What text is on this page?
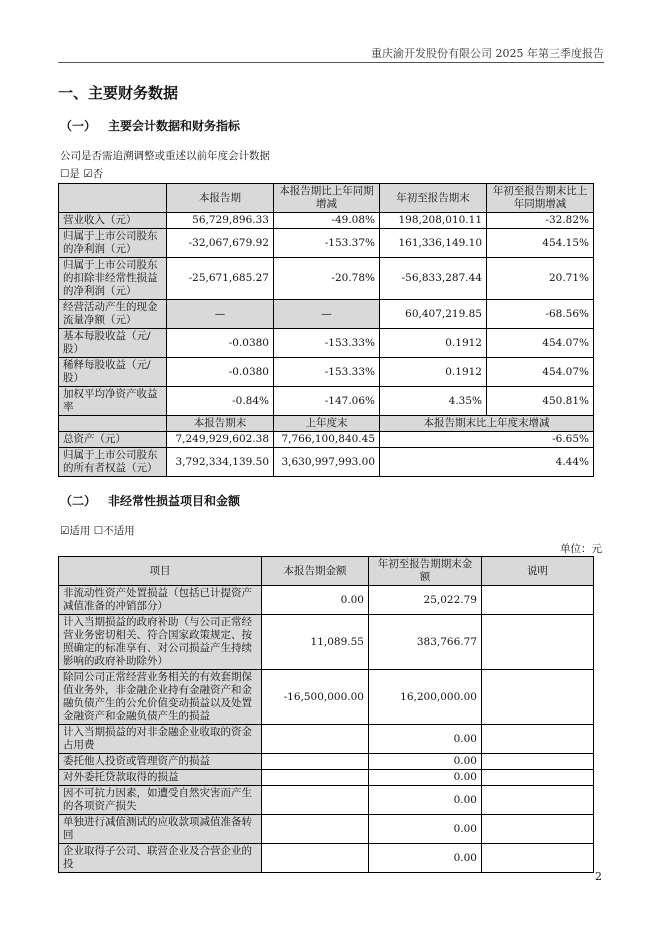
重庆渝开发股份有限公司 2025 年第三季度报告
一、主要财务数据
（一） 主要会计数据和财务指标
公司是否需追溯调整或重述以前年度会计数据
☐是 ☑否
	本报告期	本报告期比上年同期增减	年初至报告期末	年初至报告期末比上年同期增减
营业收入（元）	56,729,896.33	-49.08%	198,208,010.11	-32.82%
归属于上市公司股东的净利润（元）	-32,067,679.92	-153.37%	161,336,149.10	454.15%
归属于上市公司股东的扣除非经常性损益的净利润（元）	-25,671,685.27	-20.78%	-56,833,287.44	20.71%
经营活动产生的现金流量净额（元）	—	—	60,407,219.85	-68.56%
基本每股收益（元/股）	-0.0380	-153.33%	0.1912	454.07%
稀释每股收益（元/股）	-0.0380	-153.33%	0.1912	454.07%
加权平均净资产收益率	-0.84%	-147.06%	4.35%	450.81%
	本报告期末	上年度末	本报告期末比上年度末增减	
总资产（元）	7,249,929,602.38	7,766,100,840.45	-6.65%	
归属于上市公司股东的所有者权益（元）	3,792,334,139.50	3,630,997,993.00	4.44%	
（二） 非经常性损益项目和金额
☑适用 ☐不适用
单位：元
项目	本报告期金额	年初至报告期期末金额	说明
非流动性资产处置损益（包括已计提资产减值准备的冲销部分）	0.00	25,022.79	
计入当期损益的政府补助（与公司正常经营业务密切相关、符合国家政策规定、按照确定的标准享有、对公司损益产生持续影响的政府补助除外）	11,089.55	383,766.77	
除同公司正常经营业务相关的有效套期保值业务外，非金融企业持有金融资产和金融负债产生的公允价值变动损益以及处置金融资产和金融负债产生的损益	-16,500,000.00	16,200,000.00	
计入当期损益的对非金融企业收取的资金占用费		0.00	
委托他人投资或管理资产的损益		0.00	
对外委托贷款取得的损益		0.00	
因不可抗力因素，如遭受自然灾害而产生的各项资产损失		0.00	
单独进行减值测试的应收款项减值准备转回		0.00	
企业取得子公司、联营企业及合营企业的投		0.00	
2
